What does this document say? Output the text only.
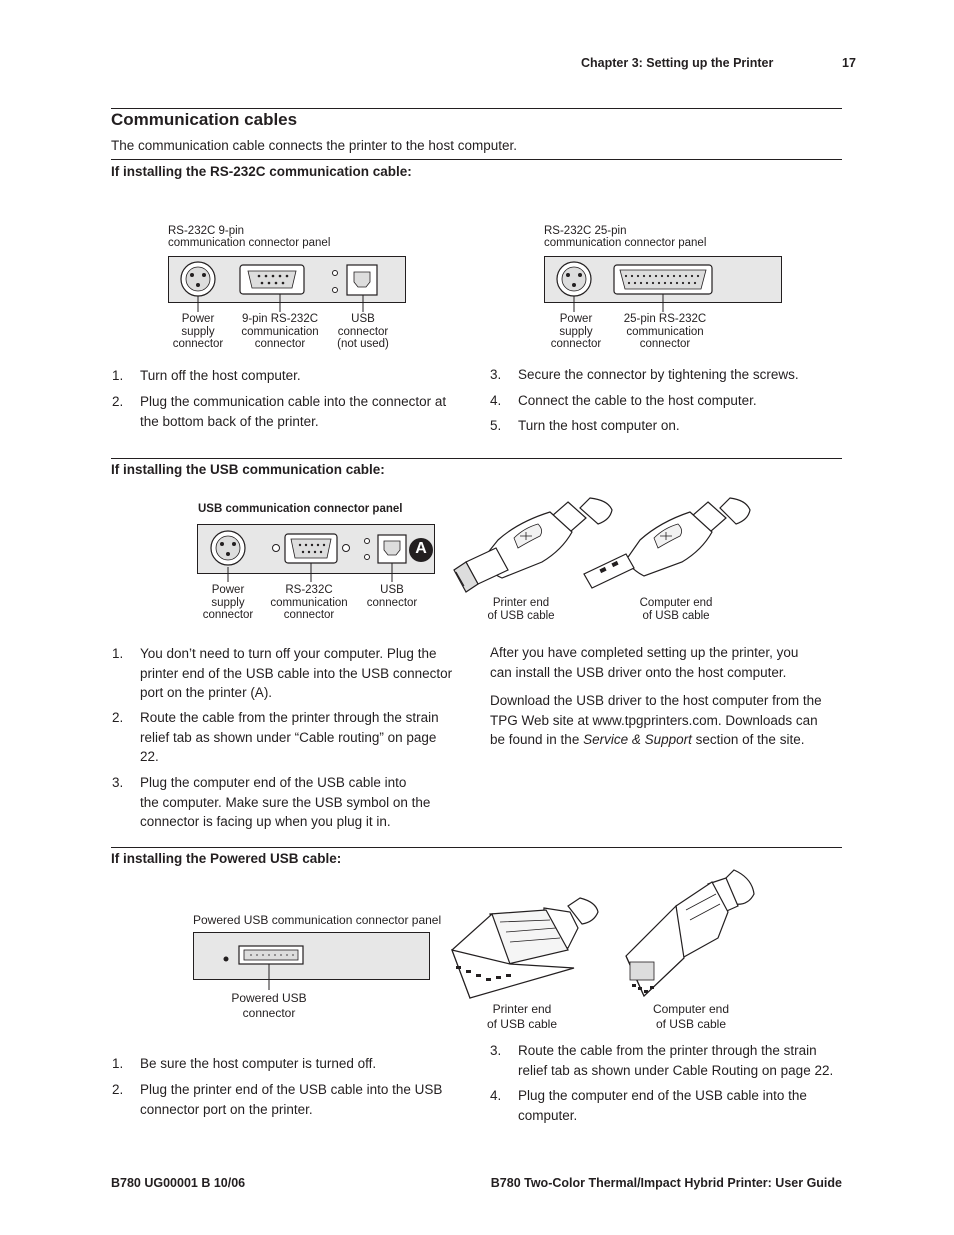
Chapter 3: Setting up the Printer	17
Communication cables
The communication cable connects the printer to the host computer.
If installing the RS-232C communication cable:
RS-232C 9-pin
communication connector panel
Power
supply
connector
9-pin RS-232C
communication
connector
USB
connector
(not used)
RS-232C 25-pin
communication connector panel
Power
supply
connector
25-pin RS-232C
communication
connector
1.	Turn off the host computer.
2.	Plug the communication cable into the connector at
the bottom back of the printer.
3.	Secure the connector by tightening the screws.
4.	Connect the cable to the host computer.
5.	Turn the host computer on.
If installing the USB communication cable:
USB communication connector panel
A
Power
supply
connector
RS-232C
communication
connector
USB
connector	Printer end
of USB cable
Computer end
of USB cable
1.	You don’t need to turn off your computer. Plug the
printer end of the USB cable into the USB connector
port on the printer (A).
2.	Route the cable from the printer through the strain
relief tab as shown under “Cable routing” on page
22.
3.	Plug the computer end of the USB cable into
the computer. Make sure the USB symbol on the
connector is facing up when you plug it in.
After you have completed setting up the printer, you
can install the USB driver onto the host computer.
Download the USB driver to the host computer from the
TPG Web site at www.tpgprinters.com. Downloads can
be found in the Service & Support section of the site.
If installing the Powered USB cable:
Powered USB communication connector panel
Powered USB
connector	Printer end
of USB cable
Computer end
of USB cable
1.	Be sure the host computer is turned off.
2.	Plug the printer end of the USB cable into the USB
connector port on the printer.
3.	Route the cable from the printer through the strain
relief tab as shown under Cable Routing on page 22.
4.	Plug the computer end of the USB cable into the
computer.
B780 UG00001 B 10/06	B780 Two-Color Thermal/Impact Hybrid Printer: User Guide
